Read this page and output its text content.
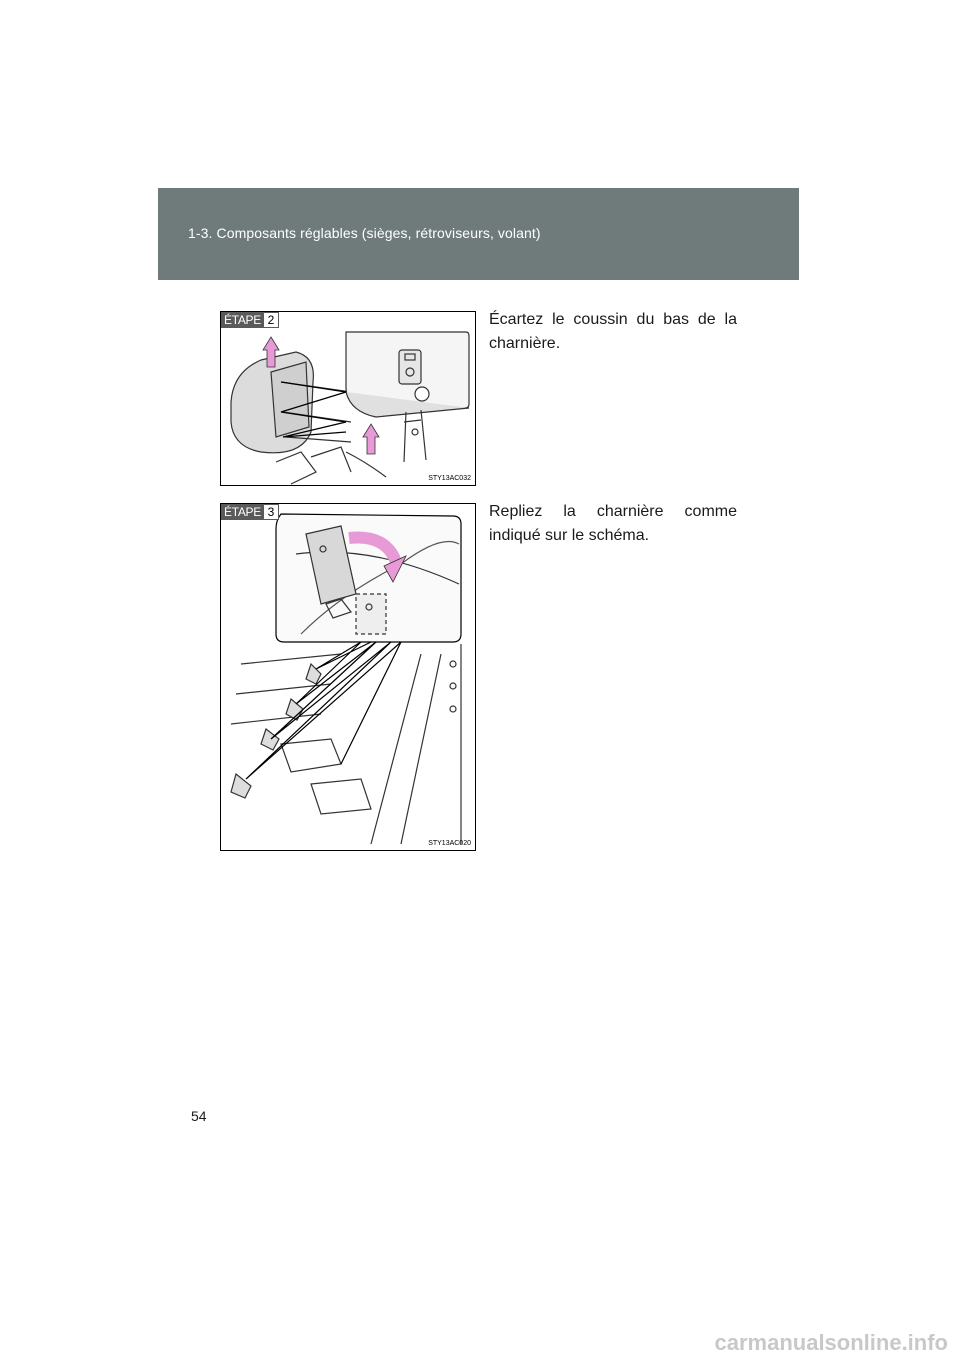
1-3. Composants réglables (sièges, rétroviseurs, volant)
ÉTAPE 2
STY13AC032
Écartez le coussin du bas de la charnière.
ÉTAPE 3
STY13AC020
Repliez la charnière comme indiqué sur le schéma.
54
carmanualsonline.info
